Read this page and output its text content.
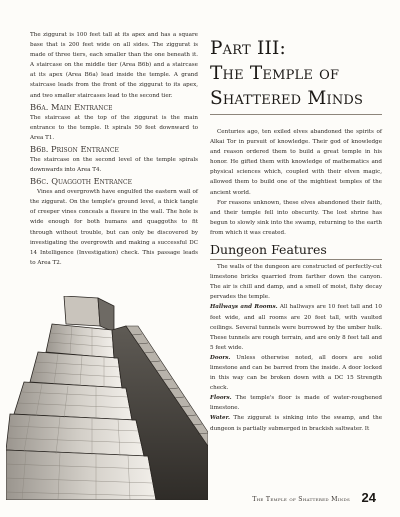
The ziggurat is 100 feet tall at its apex and has a square base that is 200 feet wide on all sides. The ziggurat is made of three tiers, each smaller than the one beneath it. A staircase on the middle tier (Area B6b) and a staircase at its apex (Area B6a) lead inside the temple. A grand staircase leads from the front of the ziggurat to its apex, and two smaller staircases lead to the second tier.

B6a. Main Entrance

The staircase at the top of the ziggurat is the main entrance to the temple. It spirals 50 feet downward to Area T1.

B6b. Prison Entrance

The staircase on the second level of the temple spirals downwards into Area T4.

B6c. Quaggoth Entrance

Vines and overgrowth have engulfed the eastern wall of the ziggurat. On the temple's ground level, a thick tangle of creeper vines conceals a fissure in the wall. The hole is wide enough for both humans and quaggoths to fit through without trouble, but can only be discovered by investigating the overgrowth and making a successful DC 14 Intelligence (Investigation) check. This passage leads to Area T2.

Part III:
The Temple of Shattered Minds

Centuries ago, ten exiled elves abandoned the spirits of Alkai Tor in pursuit of knowledge. Their god of knowledge and reason ordered them to build a great temple in his honor. He gifted them with knowledge of mathematics and physical sciences which, coupled with their elven magic, allowed them to build one of the mightiest temples of the ancient world.

For reasons unknown, these elves abandoned their faith, and their temple fell into obscurity. The lost shrine has begun to slowly sink into the swamp, returning to the earth from which it was created.

Dungeon Features

The walls of the dungeon are constructed of perfectly-cut limestone bricks quarried from farther down the canyon. The air is chill and damp, and a smell of moist, fishy decay pervades the temple.

Hallways and Rooms. All hallways are 10 feet tall and 10 feet wide, and all rooms are 20 feet tall, with vaulted ceilings. Several tunnels were burrowed by the umber hulk. These tunnels are rough terrain, and are only 8 feet tall and 5 feet wide.

Doors. Unless otherwise noted, all doors are solid limestone and can be barred from the inside. A door locked in this way can be broken down with a DC 15 Strength check.

Floors. The temple's floor is made of water-roughened limestone.

Water. The ziggurat is sinking into the swamp, and the dungeon is partially submerged in brackish saltwater. It

The Temple of Shattered Minds 24
